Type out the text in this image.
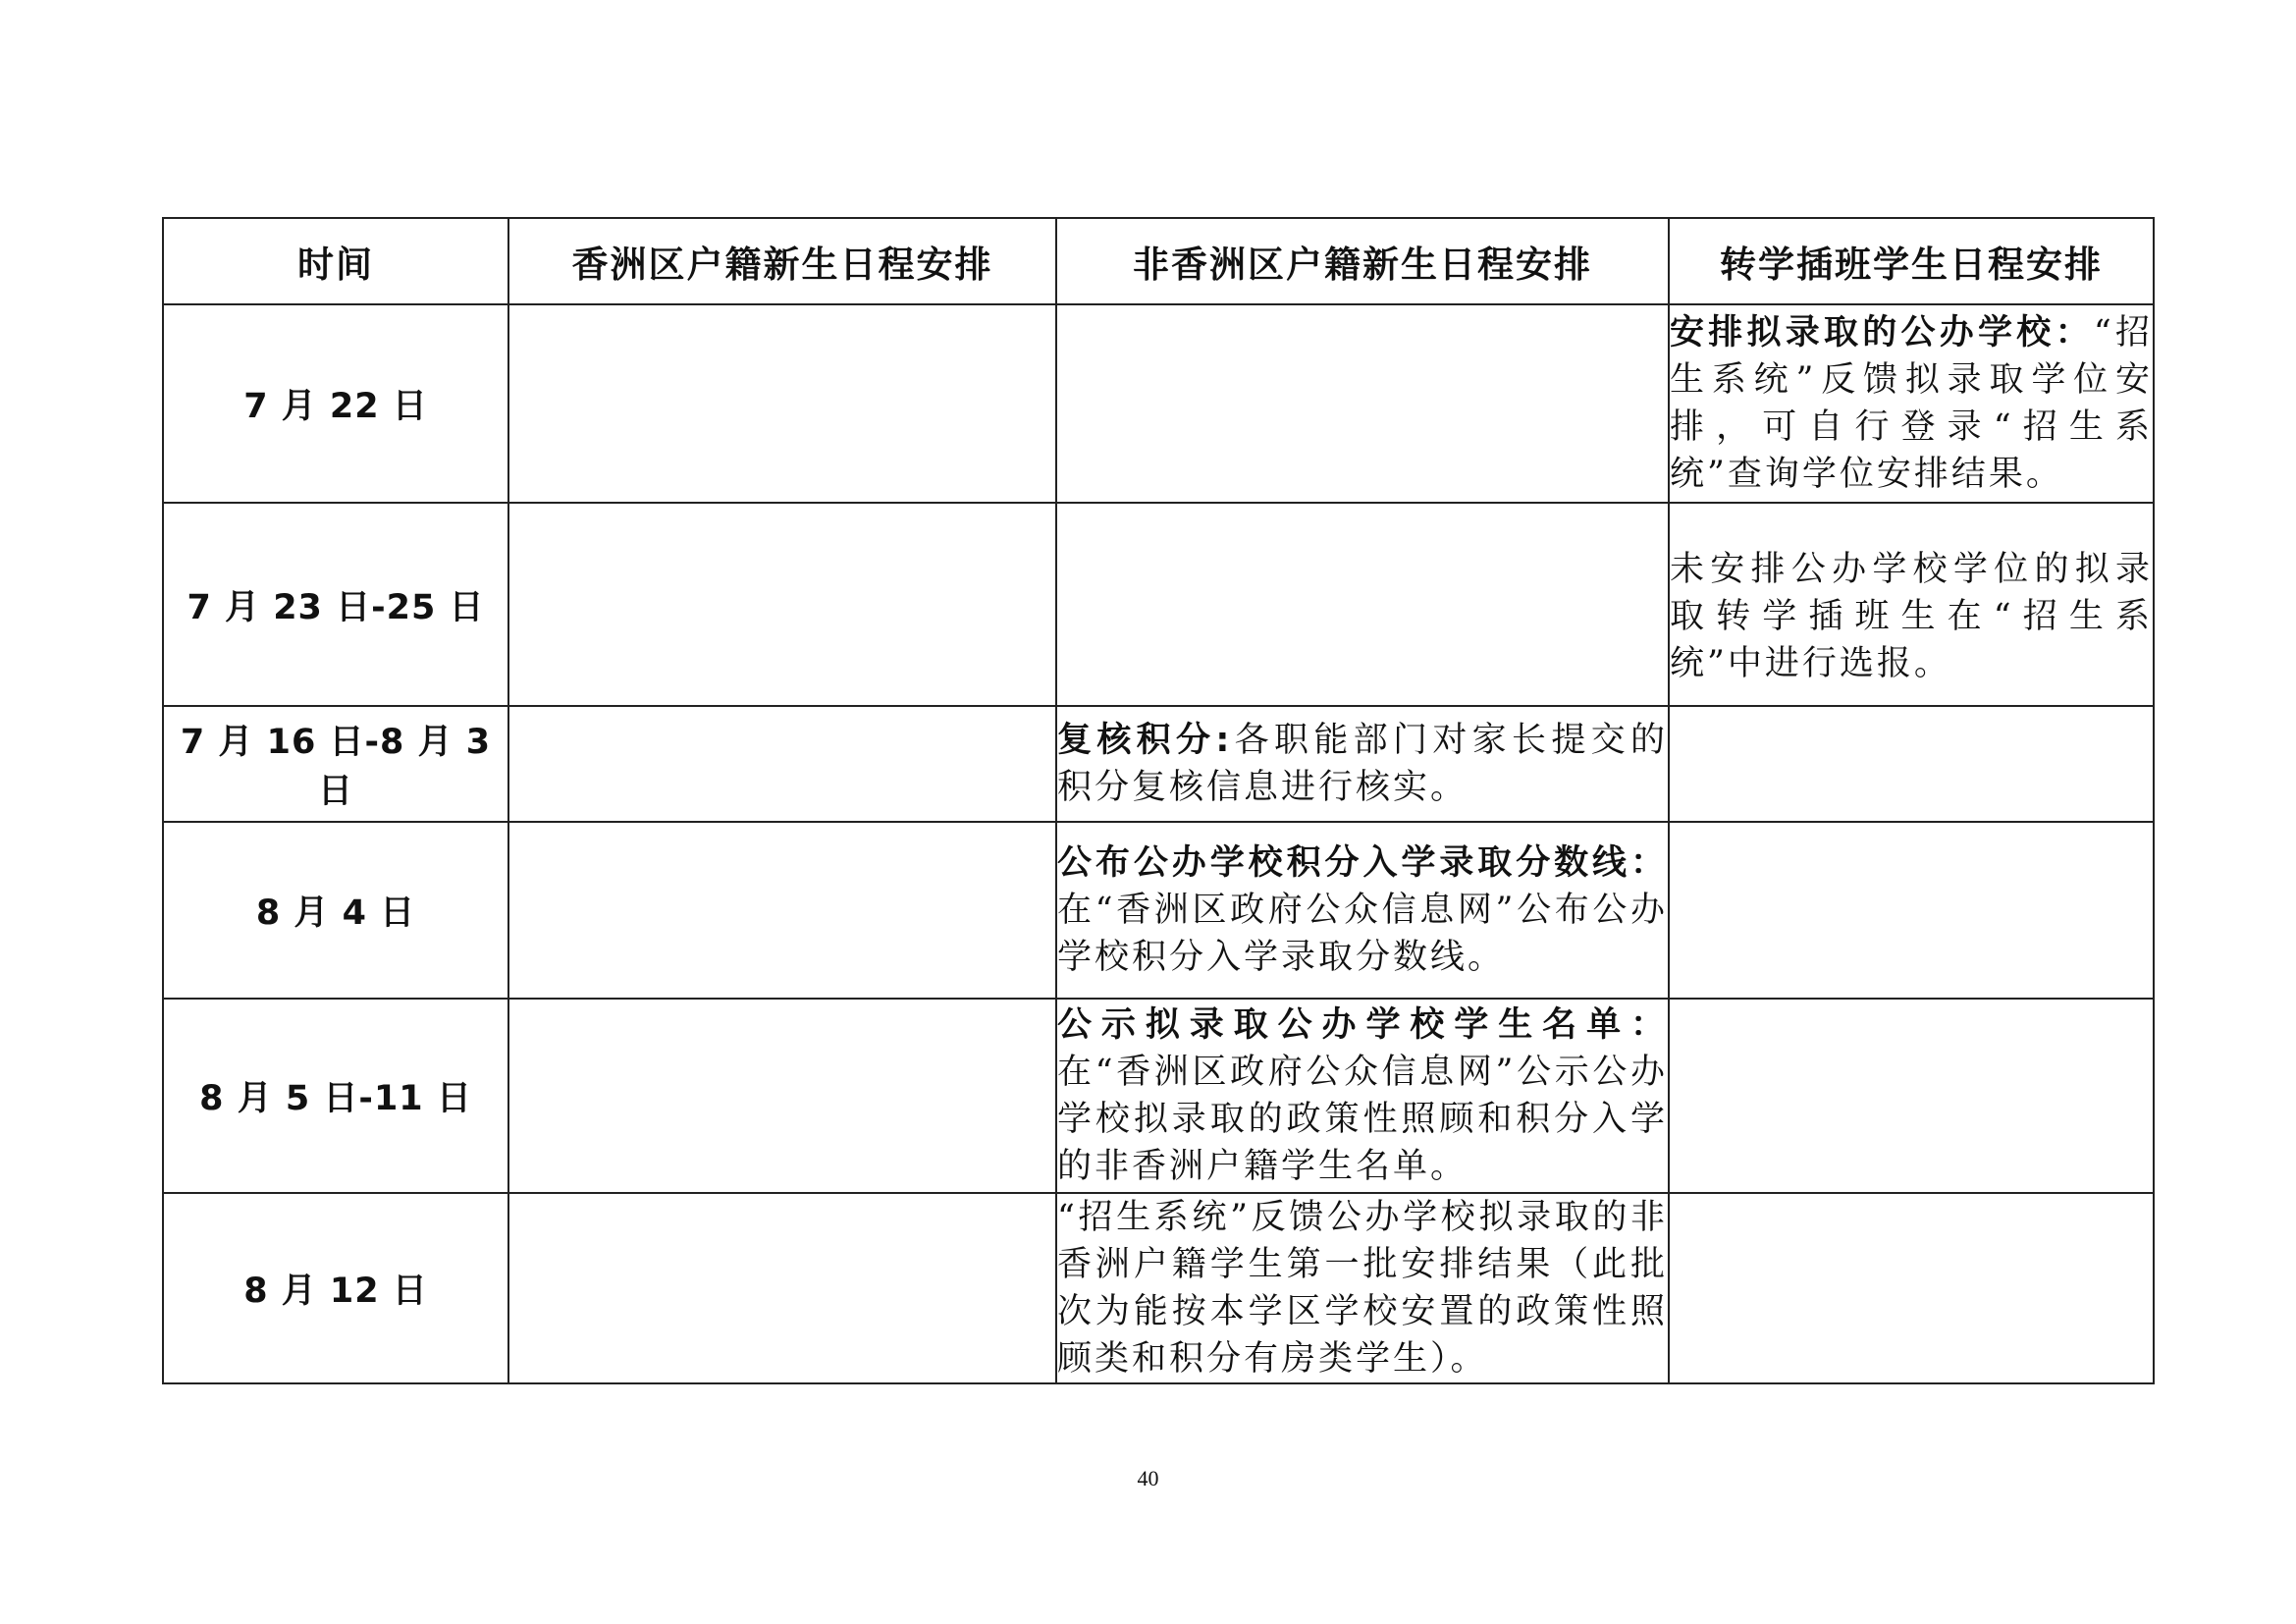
时间	香洲区户籍新生日程安排	非香洲区户籍新生日程安排	转学插班学生日程安排
7 月 22 日			安排拟录取的公办学校：“招生系统”反馈拟录取学位安排，可自行登录“招生系统”查询学位安排结果。
7 月 23 日-25 日			未安排公办学校学位的拟录取转学插班生在“招生系统”中进行选报。
7 月 16 日-8 月 3 日		复核积分:各职能部门对家长提交的积分复核信息进行核实。	
8 月 4 日		公布公办学校积分入学录取分数线：在“香洲区政府公众信息网”公布公办学校积分入学录取分数线。	
8 月 5 日-11 日		公示拟录取公办学校学生名单：在“香洲区政府公众信息网”公示公办学校拟录取的政策性照顾和积分入学的非香洲户籍学生名单。	
8 月 12 日		“招生系统”反馈公办学校拟录取的非香洲户籍学生第一批安排结果（此批次为能按本学区学校安置的政策性照顾类和积分有房类学生）。	
40
